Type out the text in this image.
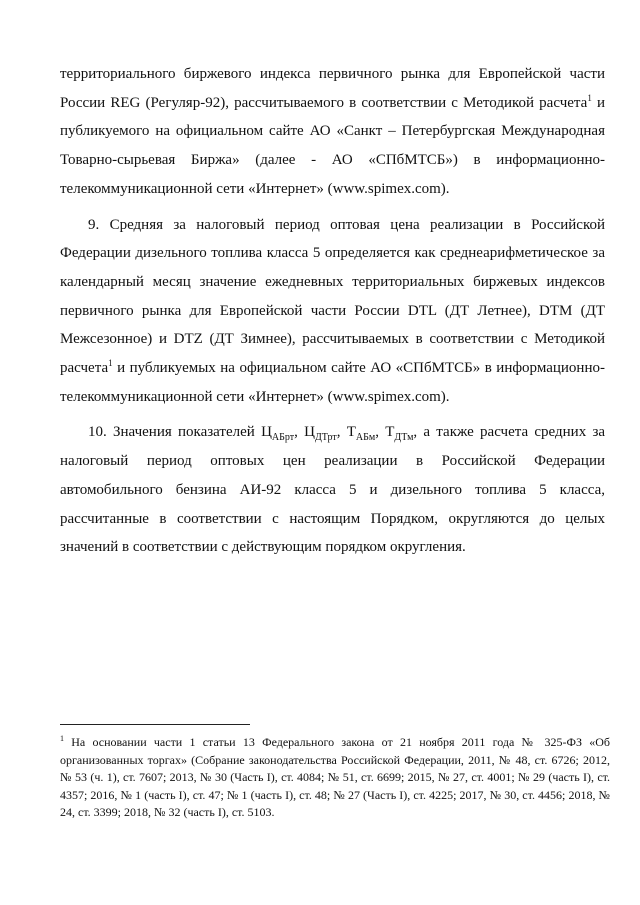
территориального биржевого индекса первичного рынка для Европейской части России REG (Регуляр-92), рассчитываемого в соответствии с Методикой расчета$^1$ и публикуемого на официальном сайте АО «Санкт – Петербургская Международная Товарно-сырьевая Биржа» (далее - АО «СПбМТСБ») в информационно-телекоммуникационной сети «Интернет» (www.spimex.com).

9. Средняя за налоговый период оптовая цена реализации в Российской Федерации дизельного топлива класса 5 определяется как среднеарифметическое за календарный месяц значение ежедневных территориальных биржевых индексов первичного рынка для Европейской части России DTL (ДТ Летнее), DTM (ДТ Межсезонное) и DTZ (ДТ Зимнее), рассчитываемых в соответствии с Методикой расчета$^1$ и публикуемых на официальном сайте АО «СПбМТСБ» в информационно-телекоммуникационной сети «Интернет» (www.spimex.com).

10. Значения показателей $Ц_{АБрт}$, $Ц_{ДТрт}$, $Т_{АБм}$, $Т_{ДТм}$, а также расчета средних за налоговый период оптовых цен реализации в Российской Федерации автомобильного бензина АИ-92 класса 5 и дизельного топлива 5 класса, рассчитанные в соответствии с настоящим Порядком, округляются до целых значений в соответствии с действующим порядком округления.

$^1$ На основании части 1 статьи 13 Федерального закона от 21 ноября 2011 года № 325-ФЗ «Об организованных торгах» (Собрание законодательства Российской Федерации, 2011, № 48, ст. 6726; 2012, № 53 (ч. 1), ст. 7607; 2013, № 30 (Часть I), ст. 4084; № 51, ст. 6699; 2015, № 27, ст. 4001; № 29 (часть I), ст. 4357; 2016, № 1 (часть I), ст. 47; № 1 (часть I), ст. 48; № 27 (Часть I), ст. 4225; 2017, № 30, ст. 4456; 2018, № 24, ст. 3399; 2018, № 32 (часть I), ст. 5103.
